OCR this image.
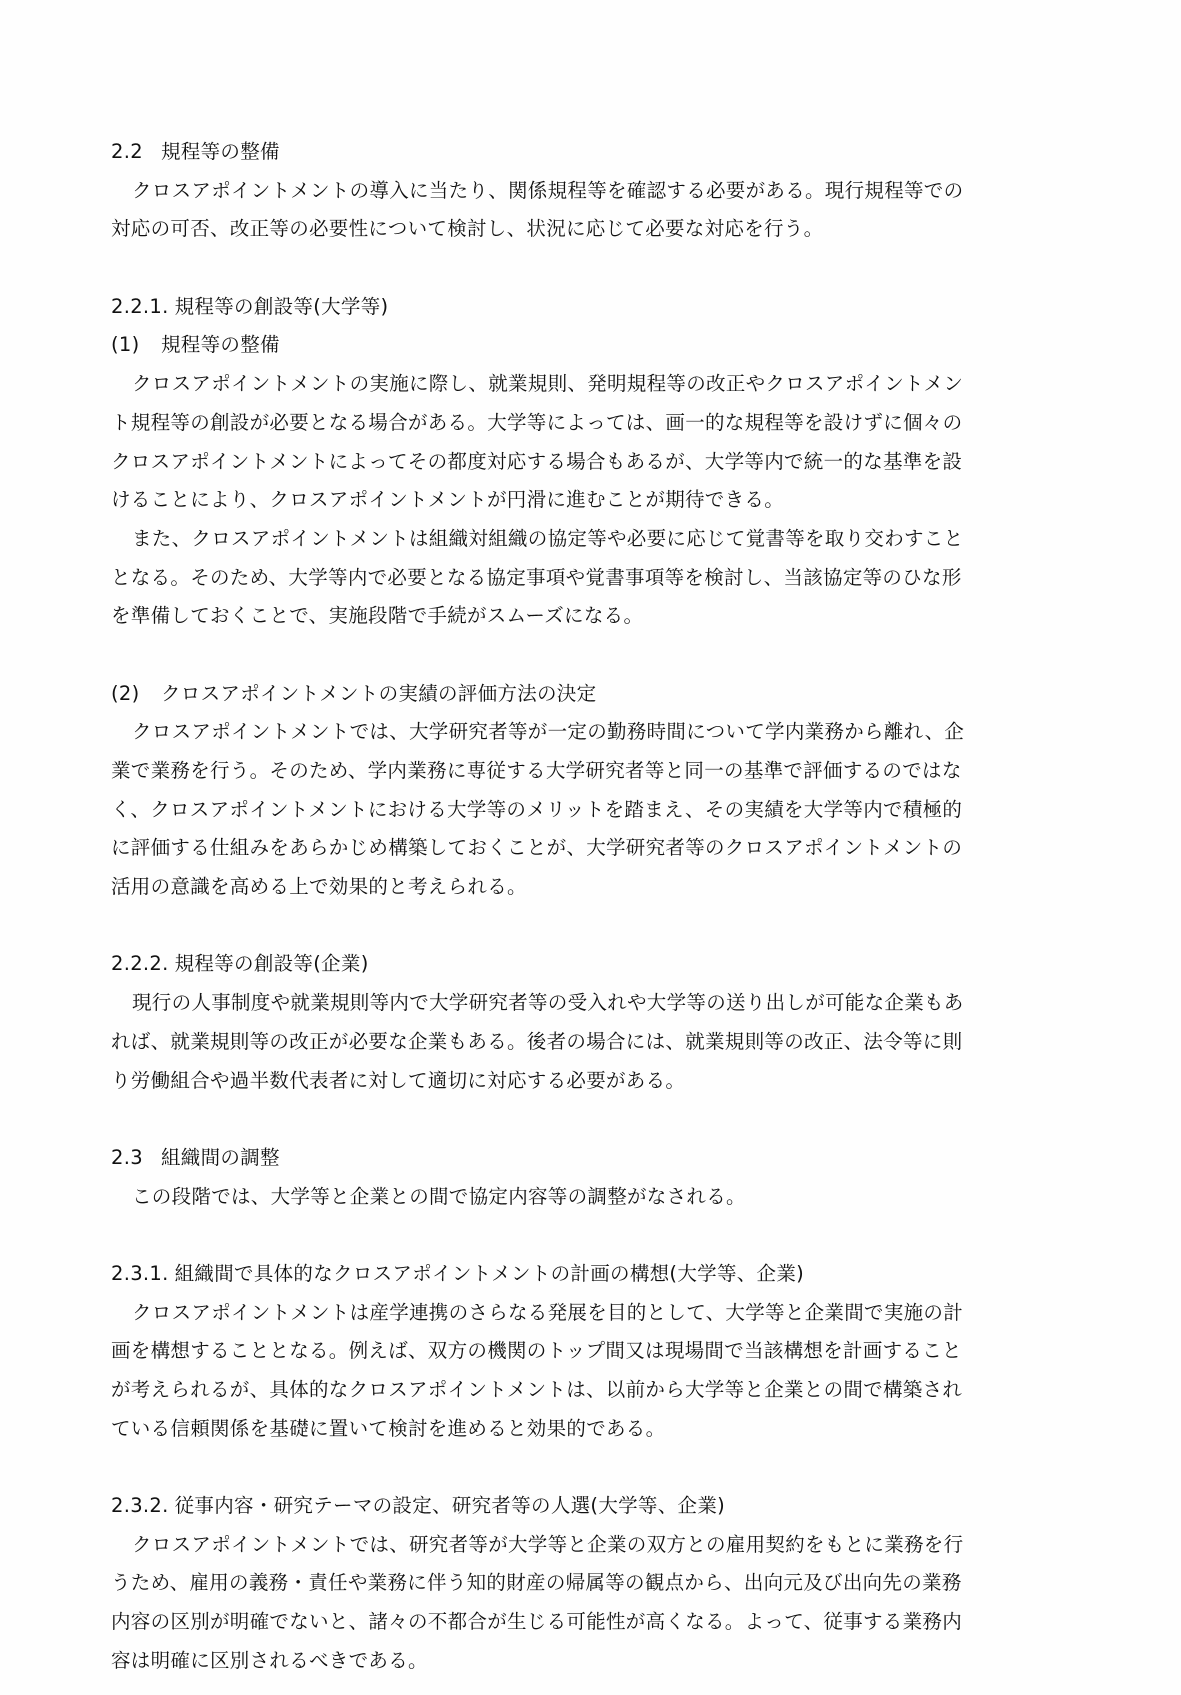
2.2 規程等の整備
クロスアポイントメントの導入に当たり、関係規程等を確認する必要がある。現行規程等での
対応の可否、改正等の必要性について検討し、状況に応じて必要な対応を行う。
2.2.1. 規程等の創設等(大学等)
(1) 規程等の整備
クロスアポイントメントの実施に際し、就業規則、発明規程等の改正やクロスアポイントメン
ト規程等の創設が必要となる場合がある。大学等によっては、画一的な規程等を設けずに個々の
クロスアポイントメントによってその都度対応する場合もあるが、大学等内で統一的な基準を設
けることにより、クロスアポイントメントが円滑に進むことが期待できる。
また、クロスアポイントメントは組織対組織の協定等や必要に応じて覚書等を取り交わすこと
となる。そのため、大学等内で必要となる協定事項や覚書事項等を検討し、当該協定等のひな形
を準備しておくことで、実施段階で手続がスムーズになる。
(2) クロスアポイントメントの実績の評価方法の決定
クロスアポイントメントでは、大学研究者等が一定の勤務時間について学内業務から離れ、企
業で業務を行う。そのため、学内業務に専従する大学研究者等と同一の基準で評価するのではな
く、クロスアポイントメントにおける大学等のメリットを踏まえ、その実績を大学等内で積極的
に評価する仕組みをあらかじめ構築しておくことが、大学研究者等のクロスアポイントメントの
活用の意識を高める上で効果的と考えられる。
2.2.2. 規程等の創設等(企業)
現行の人事制度や就業規則等内で大学研究者等の受入れや大学等の送り出しが可能な企業もあ
れば、就業規則等の改正が必要な企業もある。後者の場合には、就業規則等の改正、法令等に則
り労働組合や過半数代表者に対して適切に対応する必要がある。
2.3 組織間の調整
この段階では、大学等と企業との間で協定内容等の調整がなされる。
2.3.1. 組織間で具体的なクロスアポイントメントの計画の構想(大学等、企業)
クロスアポイントメントは産学連携のさらなる発展を目的として、大学等と企業間で実施の計
画を構想することとなる。例えば、双方の機関のトップ間又は現場間で当該構想を計画すること
が考えられるが、具体的なクロスアポイントメントは、以前から大学等と企業との間で構築され
ている信頼関係を基礎に置いて検討を進めると効果的である。
2.3.2. 従事内容・研究テーマの設定、研究者等の人選(大学等、企業)
クロスアポイントメントでは、研究者等が大学等と企業の双方との雇用契約をもとに業務を行
うため、雇用の義務・責任や業務に伴う知的財産の帰属等の観点から、出向元及び出向先の業務
内容の区別が明確でないと、諸々の不都合が生じる可能性が高くなる。よって、従事する業務内
容は明確に区別されるべきである。
